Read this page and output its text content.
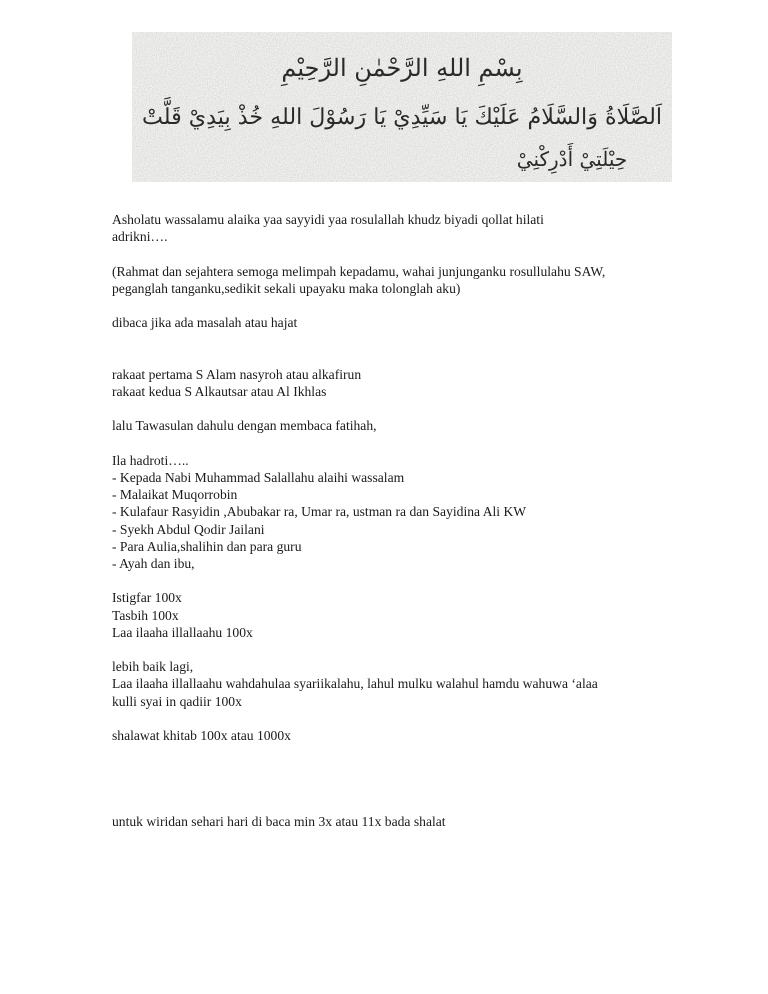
بِسْمِ اللهِ الرَّحْمٰنِ الرَّحِيْمِ
اَلصَّلَاةُ وَالسَّلَامُ عَلَيْكَ يَا سَيِّدِيْ يَا رَسُوْلَ اللهِ خُذْ بِيَدِيْ قَلَّتْ
حِيْلَتِيْ أَدْرِكْنِيْ
Asholatu wassalamu alaika yaa sayyidi yaa rosulallah khudz biyadi qollat hilati
adrikni….
(Rahmat dan sejahtera semoga melimpah kepadamu, wahai junjunganku rosullulahu SAW,
peganglah tanganku,sedikit sekali upayaku maka tolonglah aku)
dibaca jika ada masalah atau hajat
rakaat pertama S Alam nasyroh atau alkafirun
rakaat kedua S Alkautsar atau Al Ikhlas
lalu Tawasulan dahulu dengan membaca fatihah,
Ila hadroti…..
- Kepada Nabi Muhammad Salallahu alaihi wassalam
- Malaikat Muqorrobin
- Kulafaur Rasyidin ,Abubakar ra, Umar ra, ustman ra dan Sayidina Ali KW
- Syekh Abdul Qodir Jailani
- Para Aulia,shalihin dan para guru
- Ayah dan ibu,
Istigfar 100x
Tasbih 100x
Laa ilaaha illallaahu 100x
lebih baik lagi,
Laa ilaaha illallaahu wahdahulaa syariikalahu, lahul mulku walahul hamdu wahuwa ‘alaa
kulli syai in qadiir 100x
shalawat khitab 100x atau 1000x
untuk wiridan sehari hari di baca min 3x atau 11x bada shalat
